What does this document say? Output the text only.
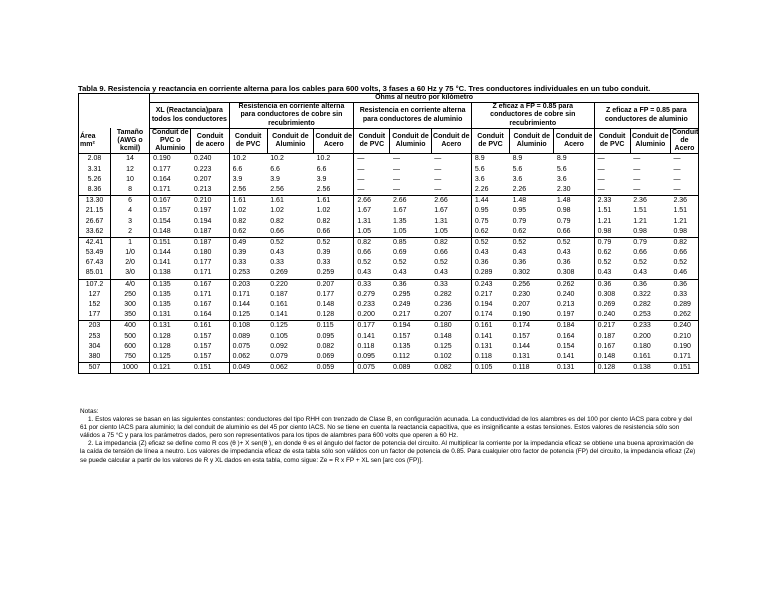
Tabla 9. Resistencia y reactancia en corriente alterna para los cables para 600 volts, 3 fases a 60 Hz y 75 °C. Tres conductores individuales en un tubo conduit.
		Ohms al neutro por kilómetro													
		XL (Reactancia)para todos los conductores		Resistencia en corriente alterna para conductores de cobre sin recubrimiento			Resistencia en corriente alterna para conductores de aluminio			Z eficaz a FP = 0.85 para conductores de cobre sin recubrimiento			Z eficaz a FP = 0.85 para conductores de aluminio		
Área mm²	Tamaño (AWG o kcmil)	Conduit de PVC o Aluminio	Conduit de acero	Conduit de PVC	Conduit de Aluminio	Conduit de Acero	Conduit de PVC	Conduit de Aluminio	Conduit de Acero	Conduit de PVC	Conduit de Aluminio	Conduit de Acero	Conduit de PVC	Conduit de Aluminio	Conduit de Acero
2.08	14	0.190	0.240	10.2	10.2	10.2	—	—	—	8.9	8.9	8.9	—	—	—
3.31	12	0.177	0.223	6.6	6.6	6.6	—	—	—	5.6	5.6	5.6	—	—	—
5.26	10	0.164	0.207	3.9	3.9	3.9	—	—	—	3.6	3.6	3.6	—	—	—
8.36	8	0.171	0.213	2.56	2.56	2.56	—	—	—	2.26	2.26	2.30	—	—	—
13.30	6	0.167	0.210	1.61	1.61	1.61	2.66	2.66	2.66	1.44	1.48	1.48	2.33	2.36	2.36
21.15	4	0.157	0.197	1.02	1.02	1.02	1.67	1.67	1.67	0.95	0.95	0.98	1.51	1.51	1.51
26.67	3	0.154	0.194	0.82	0.82	0.82	1.31	1.35	1.31	0.75	0.79	0.79	1.21	1.21	1.21
33.62	2	0.148	0.187	0.62	0.66	0.66	1.05	1.05	1.05	0.62	0.62	0.66	0.98	0.98	0.98
42.41	1	0.151	0.187	0.49	0.52	0.52	0.82	0.85	0.82	0.52	0.52	0.52	0.79	0.79	0.82
53.49	1/0	0.144	0.180	0.39	0.43	0.39	0.66	0.69	0.66	0.43	0.43	0.43	0.62	0.66	0.66
67.43	2/0	0.141	0.177	0.33	0.33	0.33	0.52	0.52	0.52	0.36	0.36	0.36	0.52	0.52	0.52
85.01	3/0	0.138	0.171	0.253	0.269	0.259	0.43	0.43	0.43	0.289	0.302	0.308	0.43	0.43	0.46
107.2	4/0	0.135	0.167	0.203	0.220	0.207	0.33	0.36	0.33	0.243	0.256	0.262	0.36	0.36	0.36
127	250	0.135	0.171	0.171	0.187	0.177	0.279	0.295	0.282	0.217	0.230	0.240	0.308	0.322	0.33
152	300	0.135	0.167	0.144	0.161	0.148	0.233	0.249	0.236	0.194	0.207	0.213	0.269	0.282	0.289
177	350	0.131	0.164	0.125	0.141	0.128	0.200	0.217	0.207	0.174	0.190	0.197	0.240	0.253	0.262
203	400	0.131	0.161	0.108	0.125	0.115	0.177	0.194	0.180	0.161	0.174	0.184	0.217	0.233	0.240
253	500	0.128	0.157	0.089	0.105	0.095	0.141	0.157	0.148	0.141	0.157	0.164	0.187	0.200	0.210
304	600	0.128	0.157	0.075	0.092	0.082	0.118	0.135	0.125	0.131	0.144	0.154	0.167	0.180	0.190
380	750	0.125	0.157	0.062	0.079	0.069	0.095	0.112	0.102	0.118	0.131	0.141	0.148	0.161	0.171
507	1000	0.121	0.151	0.049	0.062	0.059	0.075	0.089	0.082	0.105	0.118	0.131	0.128	0.138	0.151

Notas:

1. Estos valores se basan en las siguientes constantes: conductores del tipo RHH con trenzado de Clase B, en configuración acunada. La conductividad de los alambres es del 100 por ciento IACS para cobre y del 61 por ciento IACS para aluminio; la del conduit de aluminio es del 45 por ciento IACS. No se tiene en cuenta la reactancia capacitiva, que es insignificante a estas tensiones. Estos valores de resistencia sólo son válidos a 75 °C y para los parámetros dados, pero son representativos para los tipos de alambres para 600 volts que operen a 60 Hz.

2. La impedancia (Z) eficaz se define como R cos (θ )+ X sen(θ ), en donde θ es el ángulo del factor de potencia del circuito. Al multiplicar la corriente por la impedancia eficaz se obtiene una buena aproximación de la caída de tensión de línea a neutro. Los valores de impedancia eficaz de esta tabla sólo son válidos con un factor de potencia de 0.85. Para cualquier otro factor de potencia (FP) del circuito, la impedancia eficaz (Ze) se puede calcular a partir de los valores de R y XL dados en esta tabla, como sigue: Ze = R x FP + XL sen [arc cos (FP)].
